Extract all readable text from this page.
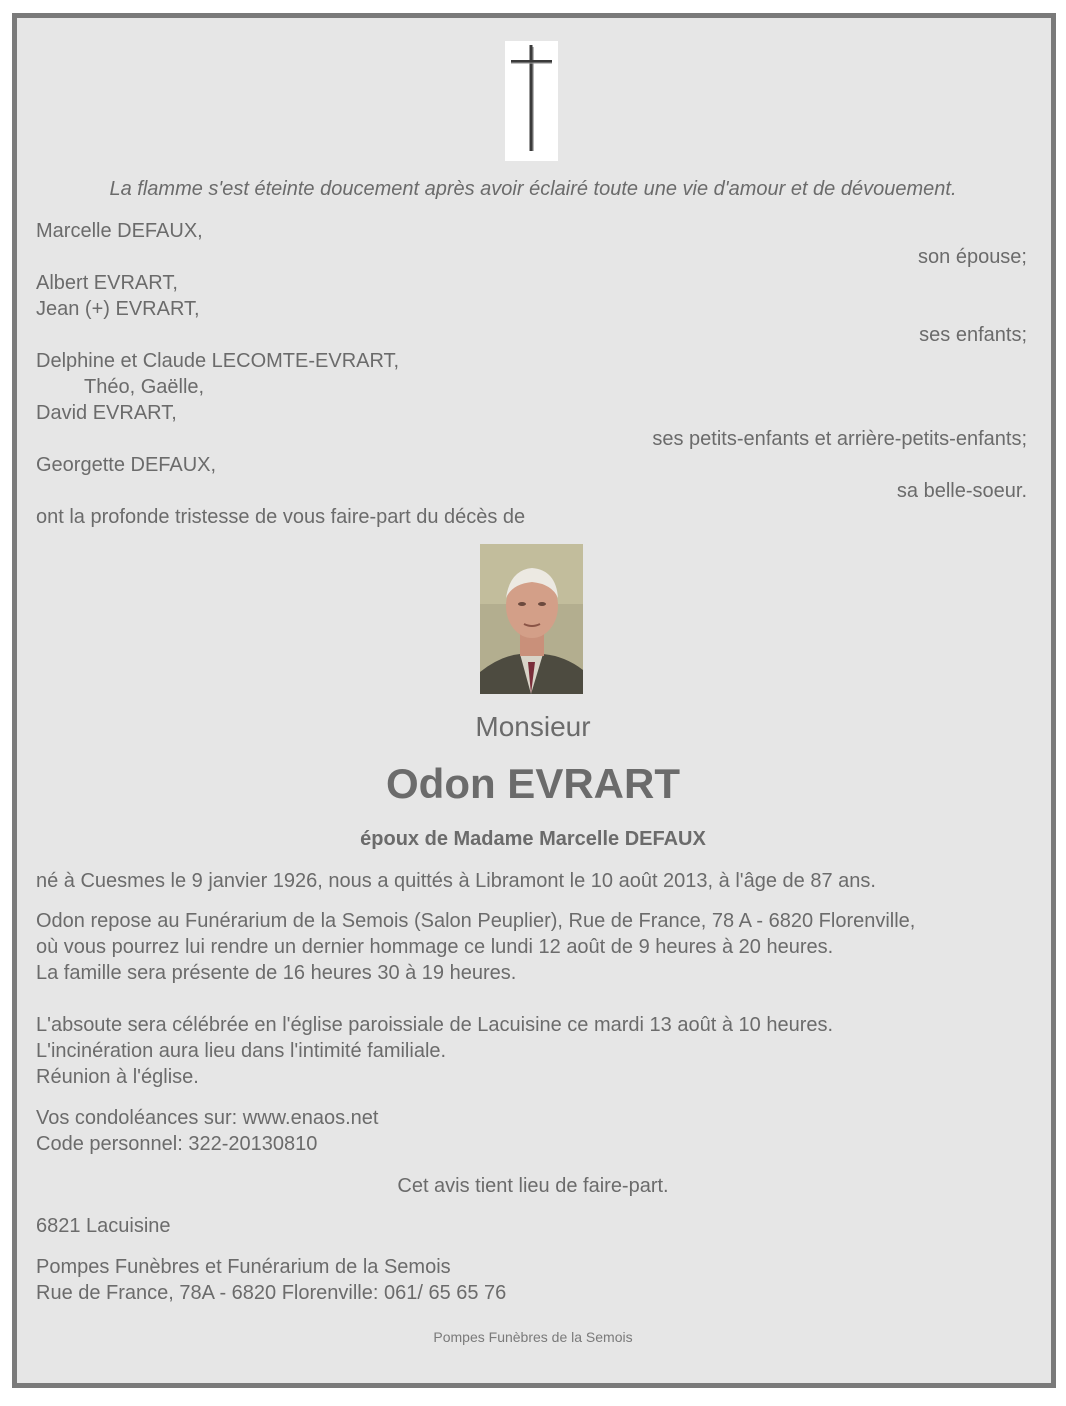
La flamme s'est éteinte doucement après avoir éclairé toute une vie d'amour et de dévouement.
Marcelle DEFAUX,
son épouse;
Albert EVRART,
Jean (+) EVRART,
ses enfants;
Delphine et Claude LECOMTE-EVRART,
Théo, Gaëlle,
David EVRART,
ses petits-enfants et arrière-petits-enfants;
Georgette DEFAUX,
sa belle-soeur.
ont la profonde tristesse de vous faire-part du décès de
Monsieur
Odon EVRART
époux de Madame Marcelle DEFAUX
né à Cuesmes le 9 janvier 1926, nous a quittés à Libramont le 10 août 2013, à l'âge de 87 ans.
Odon repose au Funérarium de la Semois (Salon Peuplier), Rue de France, 78 A - 6820 Florenville,
où vous pourrez lui rendre un dernier hommage ce lundi 12 août de 9 heures à 20 heures.
La famille sera présente de 16 heures 30 à 19 heures.
L'absoute sera célébrée en l'église paroissiale de Lacuisine ce mardi 13 août à 10 heures.
L'incinération aura lieu dans l'intimité familiale.
Réunion à l'église.
Vos condoléances sur: www.enaos.net
Code personnel: 322-20130810
Cet avis tient lieu de faire-part.
6821 Lacuisine
Pompes Funèbres et Funérarium de la Semois
Rue de France, 78A - 6820 Florenville: 061/ 65 65 76
Pompes Funèbres de la Semois
